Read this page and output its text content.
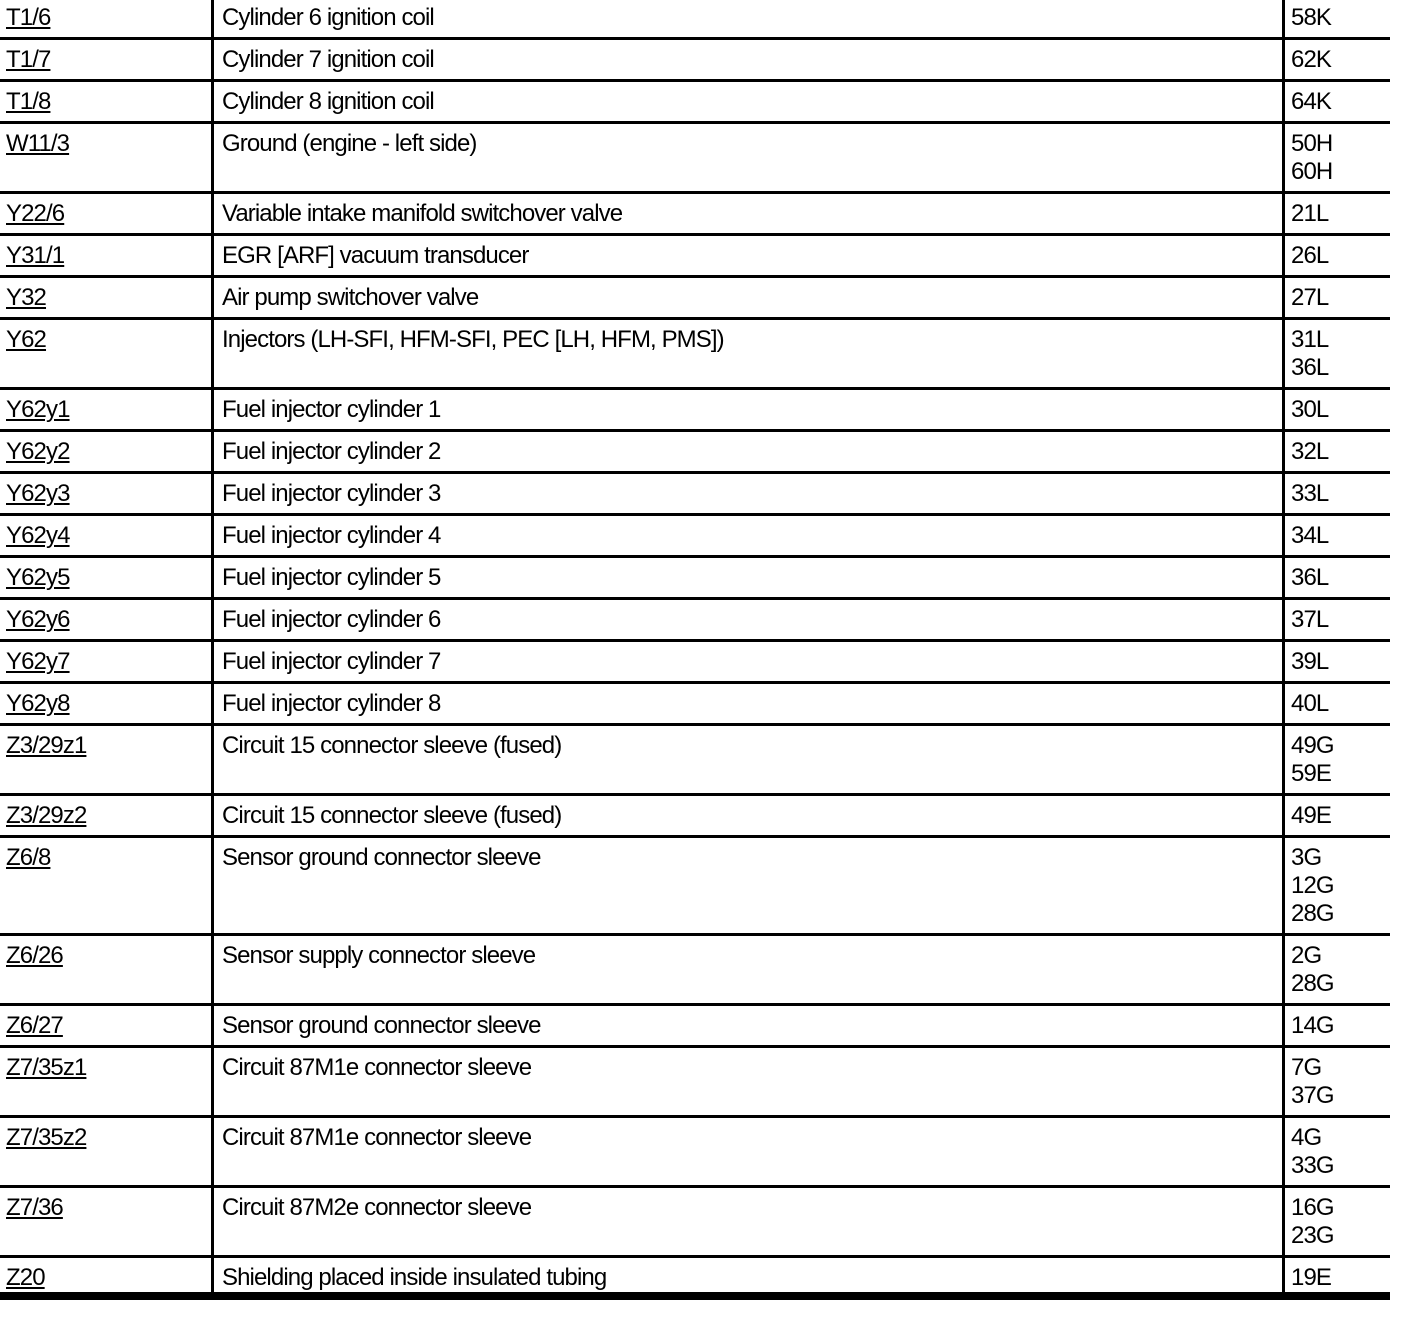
T1/6	Cylinder 6 ignition coil	58K
T1/7	Cylinder 7 ignition coil	62K
T1/8	Cylinder 8 ignition coil	64K
W11/3	Ground (engine - left side)	50H
60H
Y22/6	Variable intake manifold switchover valve	21L
Y31/1	EGR [ARF] vacuum transducer	26L
Y32	Air pump switchover valve	27L
Y62	Injectors (LH-SFI, HFM-SFI, PEC [LH, HFM, PMS])	31L
36L
Y62y1	Fuel injector cylinder 1	30L
Y62y2	Fuel injector cylinder 2	32L
Y62y3	Fuel injector cylinder 3	33L
Y62y4	Fuel injector cylinder 4	34L
Y62y5	Fuel injector cylinder 5	36L
Y62y6	Fuel injector cylinder 6	37L
Y62y7	Fuel injector cylinder 7	39L
Y62y8	Fuel injector cylinder 8	40L
Z3/29z1	Circuit 15 connector sleeve (fused)	49G
59E
Z3/29z2	Circuit 15 connector sleeve (fused)	49E
Z6/8	Sensor ground connector sleeve	3G
12G
28G
Z6/26	Sensor supply connector sleeve	2G
28G
Z6/27	Sensor ground connector sleeve	14G
Z7/35z1	Circuit 87M1e connector sleeve	7G
37G
Z7/35z2	Circuit 87M1e connector sleeve	4G
33G
Z7/36	Circuit 87M2e connector sleeve	16G
23G
Z20	Shielding placed inside insulated tubing	19E
